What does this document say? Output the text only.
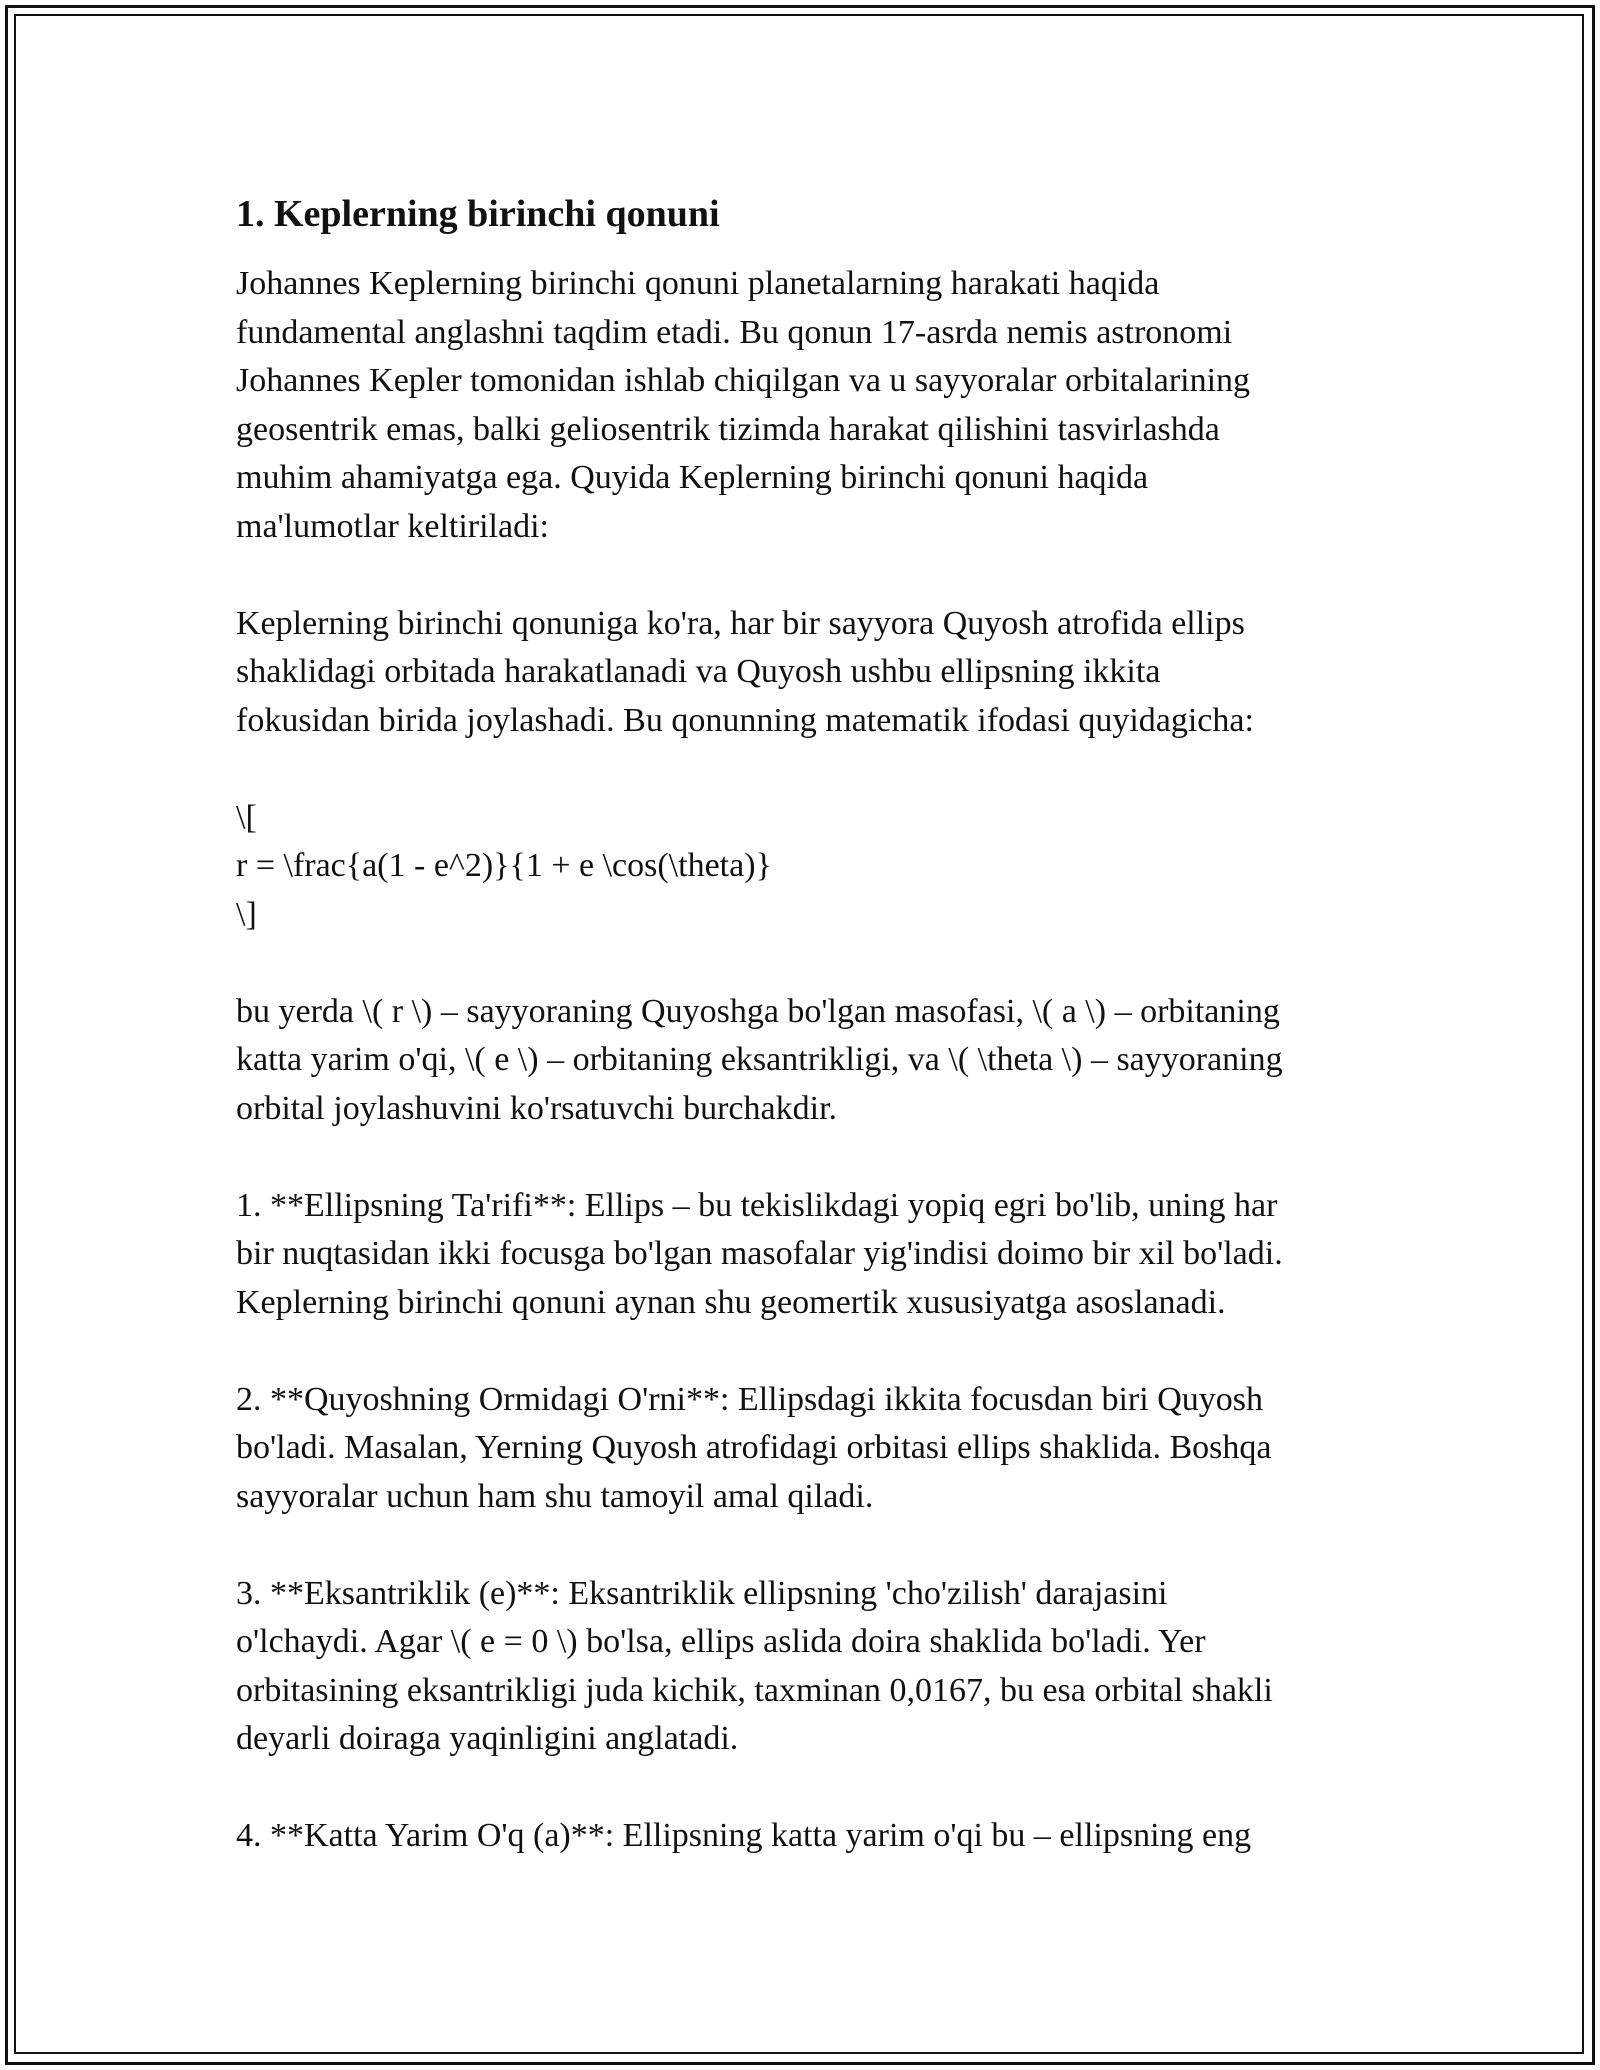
1. Keplerning birinchi qonuni

Johannes Keplerning birinchi qonuni planetalarning harakati haqida
fundamental anglashni taqdim etadi. Bu qonun 17-asrda nemis astronomi
Johannes Kepler tomonidan ishlab chiqilgan va u sayyoralar orbitalarining
geosentrik emas, balki geliosentrik tizimda harakat qilishini tasvirlashda
muhim ahamiyatga ega. Quyida Keplerning birinchi qonuni haqida
ma'lumotlar keltiriladi:

Keplerning birinchi qonuniga ko'ra, har bir sayyora Quyosh atrofida ellips
shaklidagi orbitada harakatlanadi va Quyosh ushbu ellipsning ikkita
fokusidan birida joylashadi. Bu qonunning matematik ifodasi quyidagicha:

\[
r = \frac{a(1 - e^2)}{1 + e \cos(\theta)}
\]

bu yerda \( r \) – sayyoraning Quyoshga bo'lgan masofasi, \( a \) – orbitaning
katta yarim o'qi, \( e \) – orbitaning eksantrikligi, va \( \theta \) – sayyoraning
orbital joylashuvini ko'rsatuvchi burchakdir.

1. **Ellipsning Ta'rifi**: Ellips – bu tekislikdagi yopiq egri bo'lib, uning har
bir nuqtasidan ikki focusga bo'lgan masofalar yig'indisi doimo bir xil bo'ladi.
Keplerning birinchi qonuni aynan shu geomertik xususiyatga asoslanadi.

2. **Quyoshning Ormidagi O'rni**: Ellipsdagi ikkita focusdan biri Quyosh
bo'ladi. Masalan, Yerning Quyosh atrofidagi orbitasi ellips shaklida. Boshqa
sayyoralar uchun ham shu tamoyil amal qiladi.

3. **Eksantriklik (e)**: Eksantriklik ellipsning 'cho'zilish' darajasini
o'lchaydi. Agar \( e = 0 \) bo'lsa, ellips aslida doira shaklida bo'ladi. Yer
orbitasining eksantrikligi juda kichik, taxminan 0,0167, bu esa orbital shakli
deyarli doiraga yaqinligini anglatadi.

4. **Katta Yarim O'q (a)**: Ellipsning katta yarim o'qi bu – ellipsning eng
